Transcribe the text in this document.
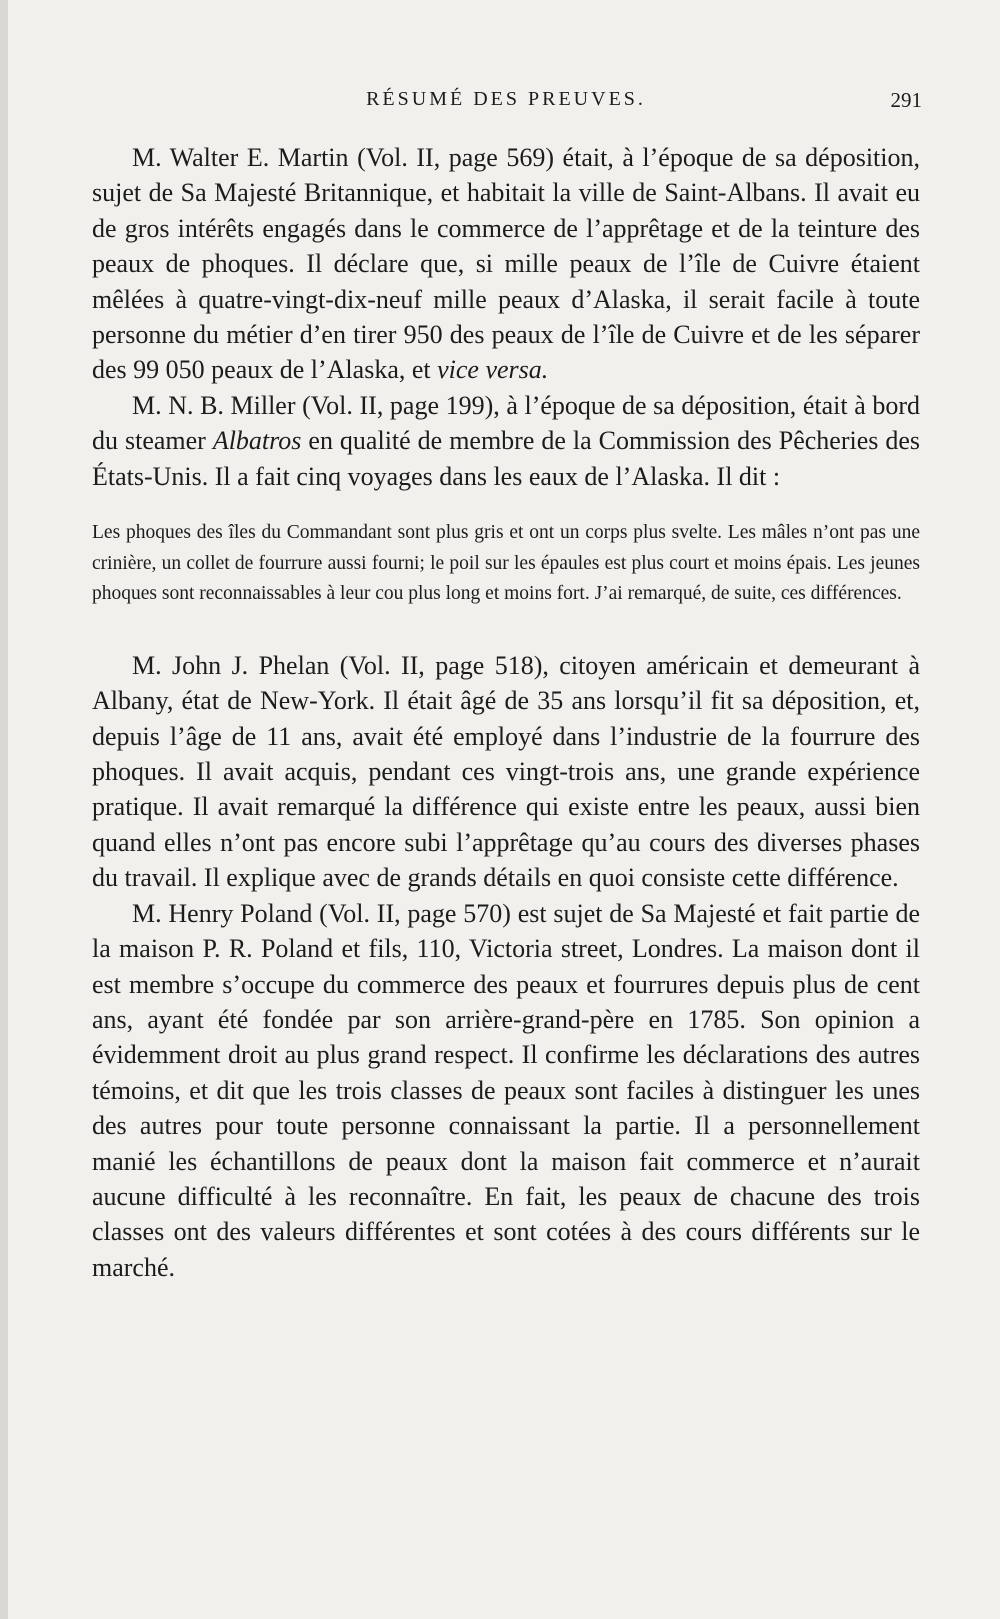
RÉSUMÉ DES PREUVES.	291

M. Walter E. Martin (Vol. II, page 569) était, à l’époque de sa déposition, sujet de Sa Majesté Britannique, et habitait la ville de Saint-Albans. Il avait eu de gros intérêts engagés dans le commerce de l’apprêtage et de la teinture des peaux de phoques. Il déclare que, si mille peaux de l’île de Cuivre étaient mêlées à quatre-vingt-dix-neuf mille peaux d’Alaska, il serait facile à toute personne du métier d’en tirer 950 des peaux de l’île de Cuivre et de les séparer des 99 050 peaux de l’Alaska, et vice versa.

M. N. B. Miller (Vol. II, page 199), à l’époque de sa déposition, était à bord du steamer Albatros en qualité de membre de la Commission des Pêcheries des États-Unis. Il a fait cinq voyages dans les eaux de l’Alaska. Il dit :

Les phoques des îles du Commandant sont plus gris et ont un corps plus svelte. Les mâles n’ont pas une crinière, un collet de fourrure aussi fourni; le poil sur les épaules est plus court et moins épais. Les jeunes phoques sont reconnaissables à leur cou plus long et moins fort. J’ai remarqué, de suite, ces différences.

M. John J. Phelan (Vol. II, page 518), citoyen américain et demeurant à Albany, état de New-York. Il était âgé de 35 ans lorsqu’il fit sa déposition, et, depuis l’âge de 11 ans, avait été employé dans l’industrie de la fourrure des phoques. Il avait acquis, pendant ces vingt-trois ans, une grande expérience pratique. Il avait remarqué la différence qui existe entre les peaux, aussi bien quand elles n’ont pas encore subi l’apprêtage qu’au cours des diverses phases du travail. Il explique avec de grands détails en quoi consiste cette différence.

M. Henry Poland (Vol. II, page 570) est sujet de Sa Majesté et fait partie de la maison P. R. Poland et fils, 110, Victoria street, Londres. La maison dont il est membre s’occupe du commerce des peaux et fourrures depuis plus de cent ans, ayant été fondée par son arrière-grand-père en 1785. Son opinion a évidemment droit au plus grand respect. Il confirme les déclarations des autres témoins, et dit que les trois classes de peaux sont faciles à distinguer les unes des autres pour toute personne connaissant la partie. Il a personnellement manié les échantillons de peaux dont la maison fait commerce et n’aurait aucune difficulté à les reconnaître. En fait, les peaux de chacune des trois classes ont des valeurs différentes et sont cotées à des cours différents sur le marché.
